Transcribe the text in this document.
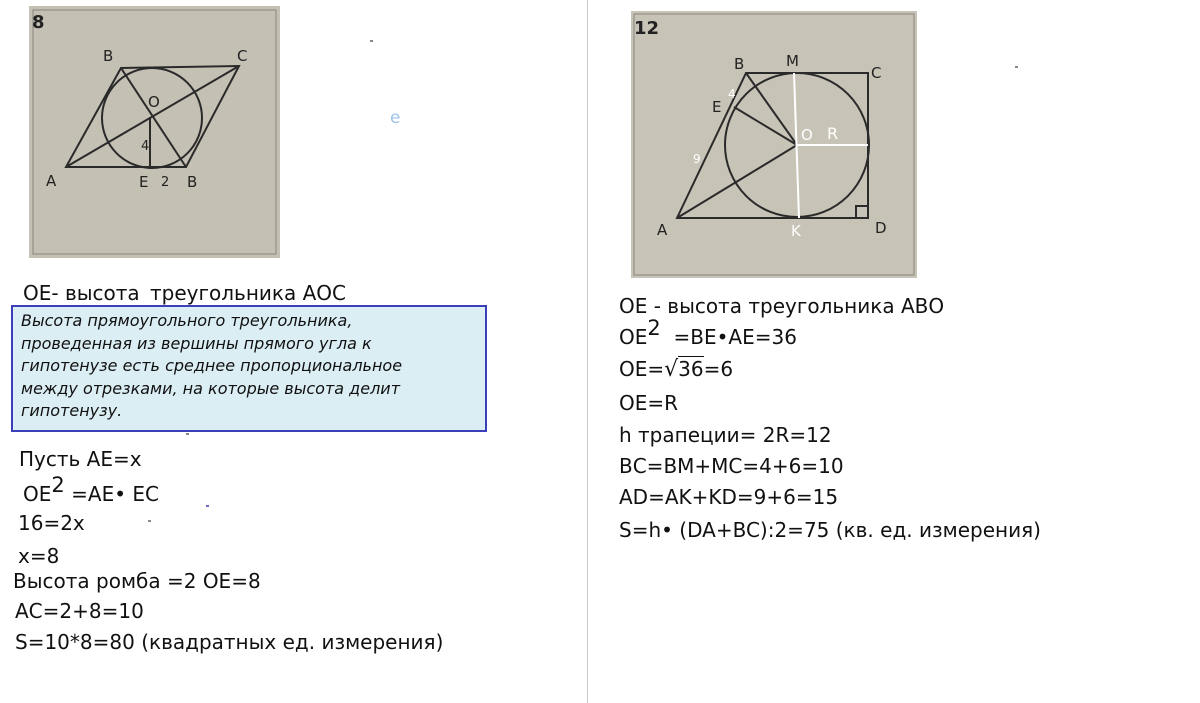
8
B	C
O
A	E	B
4
2
е
ОЕ- высота треугольника АОС
Высота прямоугольного треугольника,
проведенная из вершины прямого угла к
гипотенузе есть среднее пропорциональное
между отрезками, на которые высота делит
гипотенузу.
Пусть АЕ=х
$ОЕ^2$ =АЕ• ЕС
16=2х
х=8
Высота ромба =2 ОЕ=8
АС=2+8=10
S=10*8=80 (квадратных ед. измерения)
12
B	C
M
E
O R
A	K	D
4
9
ОЕ - высота треугольника АВО
$ОЕ^2$  =ВЕ•АЕ=36
ОЕ=√36=6
ОЕ=R
h трапеции= 2R=12
ВС=ВМ+МС=4+6=10
AD=AK+KD=9+6=15
S=h• (DA+BC):2=75 (кв. ед. измерения)
